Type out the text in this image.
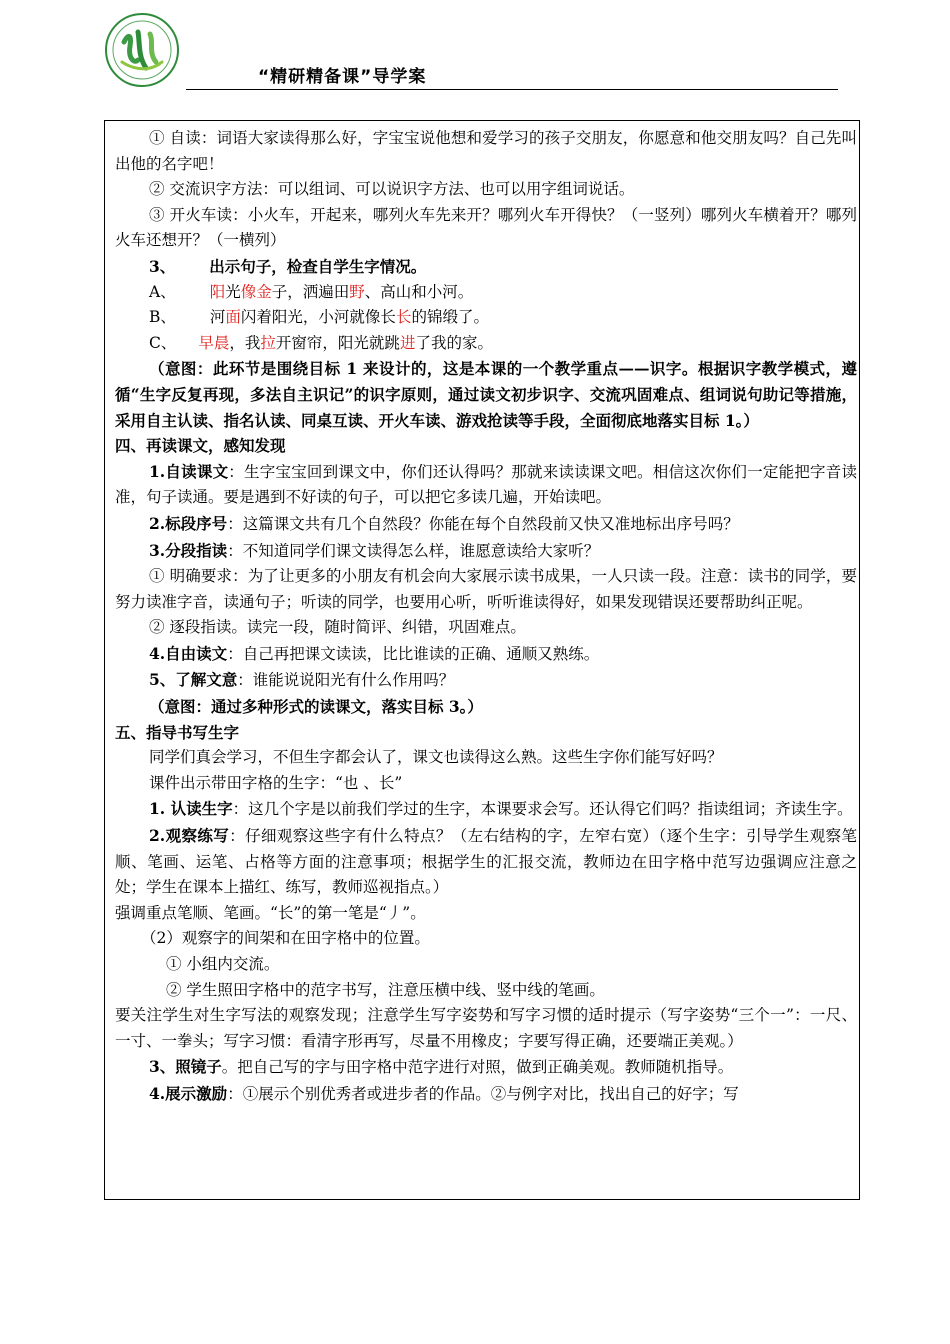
“精研精备课”导学案

① 自读：词语大家读得那么好，字宝宝说他想和爱学习的孩子交朋友，你愿意和他交朋友吗？自己先叫出他的名字吧！

② 交流识字方法：可以组词、可以说识字方法、也可以用字组词说话。

③ 开火车读：小火车，开起来，哪列火车先来开？哪列火车开得快？（一竖列）哪列火车横着开？哪列火车还想开？（一横列）

3、 出示句子，检查自学生字情况。

A、 阳光像金子，洒遍田野、高山和小河。

B、 河面闪着阳光，小河就像长长的锦缎了。

C、 早晨，我拉开窗帘，阳光就跳进了我的家。

（意图：此环节是围绕目标 1 来设计的，这是本课的一个教学重点——识字。根据识字教学模式，遵循“生字反复再现，多法自主识记”的识字原则，通过读文初步识字、交流巩固难点、组词说句助记等措施，采用自主认读、指名认读、同桌互读、开火车读、游戏抢读等手段，全面彻底地落实目标 1。）

四、再读课文，感知发现

1.自读课文：生字宝宝回到课文中，你们还认得吗？那就来读读课文吧。相信这次你们一定能把字音读准，句子读通。要是遇到不好读的句子，可以把它多读几遍，开始读吧。

2.标段序号：这篇课文共有几个自然段？你能在每个自然段前又快又准地标出序号吗？

3.分段指读：不知道同学们课文读得怎么样，谁愿意读给大家听？

① 明确要求：为了让更多的小朋友有机会向大家展示读书成果，一人只读一段。注意：读书的同学，要努力读准字音，读通句子；听读的同学，也要用心听，听听谁读得好，如果发现错误还要帮助纠正呢。

② 逐段指读。读完一段，随时简评、纠错，巩固难点。

4.自由读文：自己再把课文读读，比比谁读的正确、通顺又熟练。

5、了解文意：谁能说说阳光有什么作用吗？

（意图：通过多种形式的读课文，落实目标 3。）

五、指导书写生字

同学们真会学习，不但生字都会认了，课文也读得这么熟。这些生字你们能写好吗？

课件出示带田字格的生字：“也 、长”

1. 认读生字：这几个字是以前我们学过的生字，本课要求会写。还认得它们吗？指读组词；齐读生字。

2.观察练写：仔细观察这些字有什么特点？（左右结构的字，左窄右宽）（逐个生字：引导学生观察笔顺、笔画、运笔、占格等方面的注意事项；根据学生的汇报交流，教师边在田字格中范写边强调应注意之处；学生在课本上描红、练写，教师巡视指点。）

强调重点笔顺、笔画。“长”的第一笔是“丿”。

（2）观察字的间架和在田字格中的位置。

① 小组内交流。

② 学生照田字格中的范字书写，注意压横中线、竖中线的笔画。

要关注学生对生字写法的观察发现；注意学生写字姿势和写字习惯的适时提示（写字姿势“三个一”：一尺、一寸、一拳头；写字习惯：看清字形再写，尽量不用橡皮；字要写得正确，还要端正美观。）

3、照镜子。把自己写的字与田字格中范字进行对照，做到正确美观。教师随机指导。

4.展示激励：①展示个别优秀者或进步者的作品。②与例字对比，找出自己的好字；写
